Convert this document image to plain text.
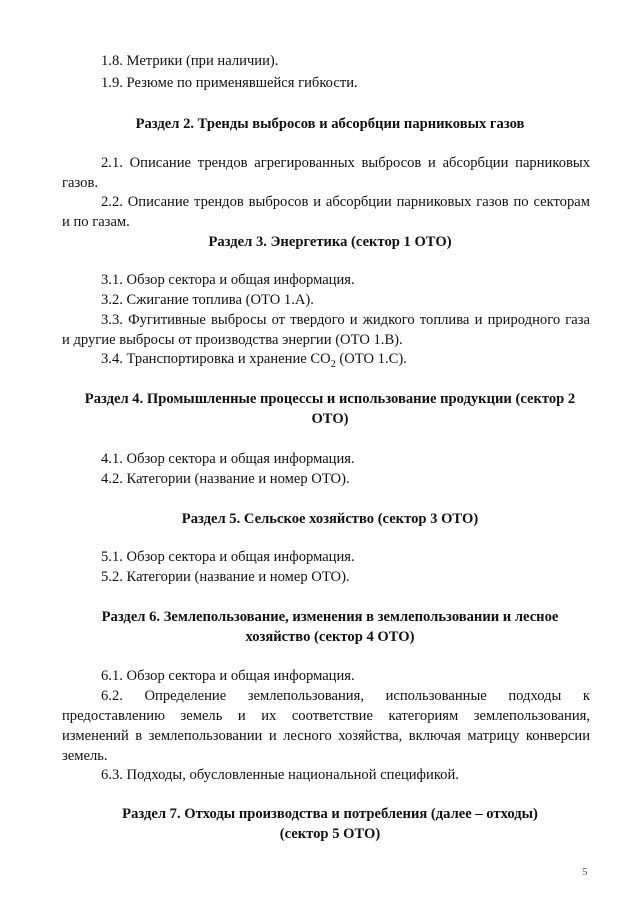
1.8. Метрики (при наличии).
1.9. Резюме по применявшейся гибкости.
Раздел 2. Тренды выбросов и абсорбции парниковых газов
2.1. Описание трендов агрегированных выбросов и абсорбции парниковых
газов.
2.2. Описание трендов выбросов и абсорбции парниковых газов по секторам
и по газам.
Раздел 3. Энергетика (сектор 1 ОТО)
3.1. Обзор сектора и общая информация.
3.2. Сжигание топлива (ОТО 1.А).
3.3. Фугитивные выбросы от твердого и жидкого топлива и природного газа
и другие выбросы от производства энергии (ОТО 1.В).
3.4. Транспортировка и хранение $СО_2$ (ОТО 1.С).
Раздел 4. Промышленные процессы и использование продукции (сектор 2
ОТО)
4.1. Обзор сектора и общая информация.
4.2. Категории (название и номер ОТО).
Раздел 5. Сельское хозяйство (сектор 3 ОТО)
5.1. Обзор сектора и общая информация.
5.2. Категории (название и номер ОТО).
Раздел 6. Землепользование, изменения в землепользовании и лесное
хозяйство (сектор 4 ОТО)
6.1. Обзор сектора и общая информация.
6.2. Определение землепользования, использованные подходы к
предоставлению земель и их соответствие категориям землепользования,
изменений в землепользовании и лесного хозяйства, включая матрицу конверсии
земель.
6.3. Подходы, обусловленные национальной спецификой.
Раздел 7. Отходы производства и потребления (далее – отходы)
(сектор 5 ОТО)
5
